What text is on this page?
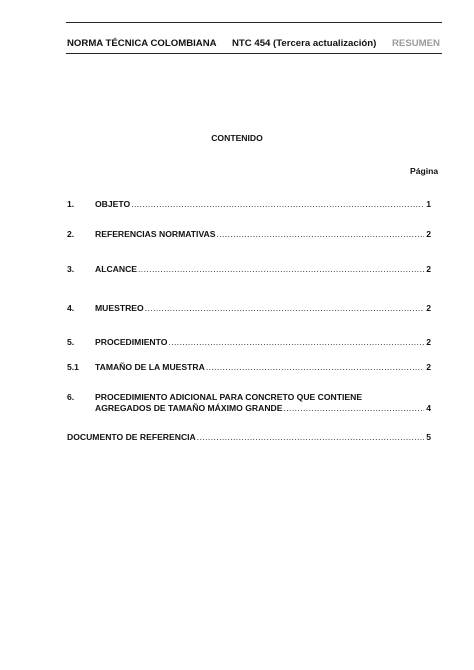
NORMA TÉCNICA COLOMBIANA NTC 454 (Tercera actualización) RESUMEN
CONTENIDO
Página
1. OBJETO .....	1
2. REFERENCIAS NORMATIVAS .....	2
3. ALCANCE .....	2
4. MUESTREO .....	2
5. PROCEDIMIENTO .....	2
5.1 TAMAÑO DE LA MUESTRA .....	2
6. PROCEDIMIENTO ADICIONAL PARA CONCRETO QUE CONTIENE
AGREGADOS DE TAMAÑO MÁXIMO GRANDE .....	4
DOCUMENTO DE REFERENCIA .....	5
